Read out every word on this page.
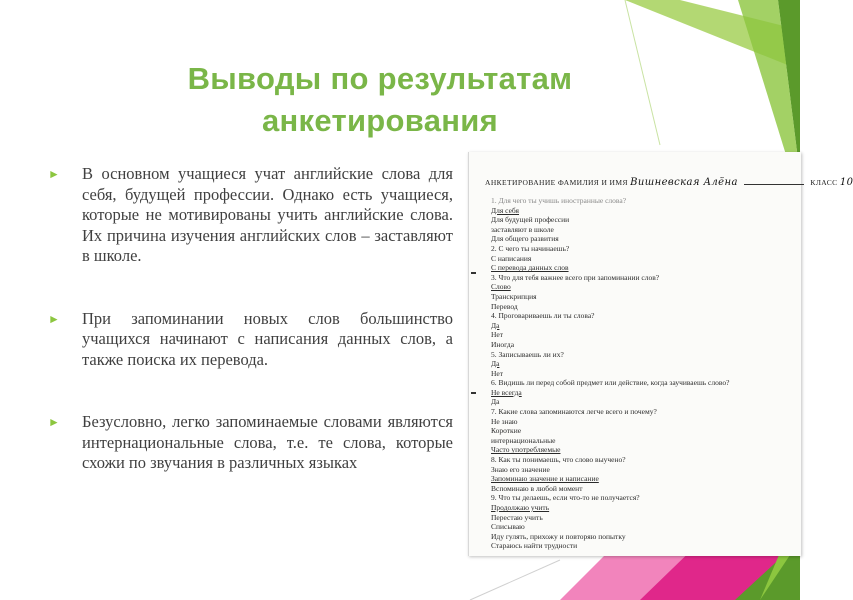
Выводы по результатам
анкетирования
► В основном учащиеся учат английские слова для себя, будущей профессии. Однако есть учащиеся, которые не мотивированы учить английские слова. Их причина изучения английских слов – заставляют в школе.
► При запоминании новых слов большинство учащихся начинают с написания данных слов, а также поиска их перевода.
► Безусловно, легко запоминаемые словами являются интернациональные слова, т.е. те слова, которые схожи по звучания в различных языках
АНКЕТИРОВАНИЕ ФАМИЛИЯ И ИМЯ Вишневская Алёна	КЛАСС 10
1. Для чего ты учишь иностранные слова?
Для себя
Для будущей профессии
заставляют в школе
Для общего развития
2. С чего ты начинаешь?
С написания
С перевода данных слов
3. Что для тебя важнее всего при запоминании слов?
Слово
Транскрипция
Перевод
4. Проговариваешь ли ты слова?
Да
Нет
Иногда
5. Записываешь ли их?
Да
Нет
6. Видишь ли перед собой предмет или действие, когда заучиваешь слово?
Не всегда
Да
7. Какие слова запоминаются легче всего и почему?
Не знаю
Короткие
интернациональные
Часто употребляемые
8. Как ты понимаешь, что слово выучено?
Знаю его значение
Запоминаю значение и написание
Вспоминаю в любой момент
9. Что ты делаешь, если что-то не получается?
Продолжаю учить
Перестаю учить
Списываю
Иду гулять, прихожу и повторяю попытку
Стараюсь найти трудности
